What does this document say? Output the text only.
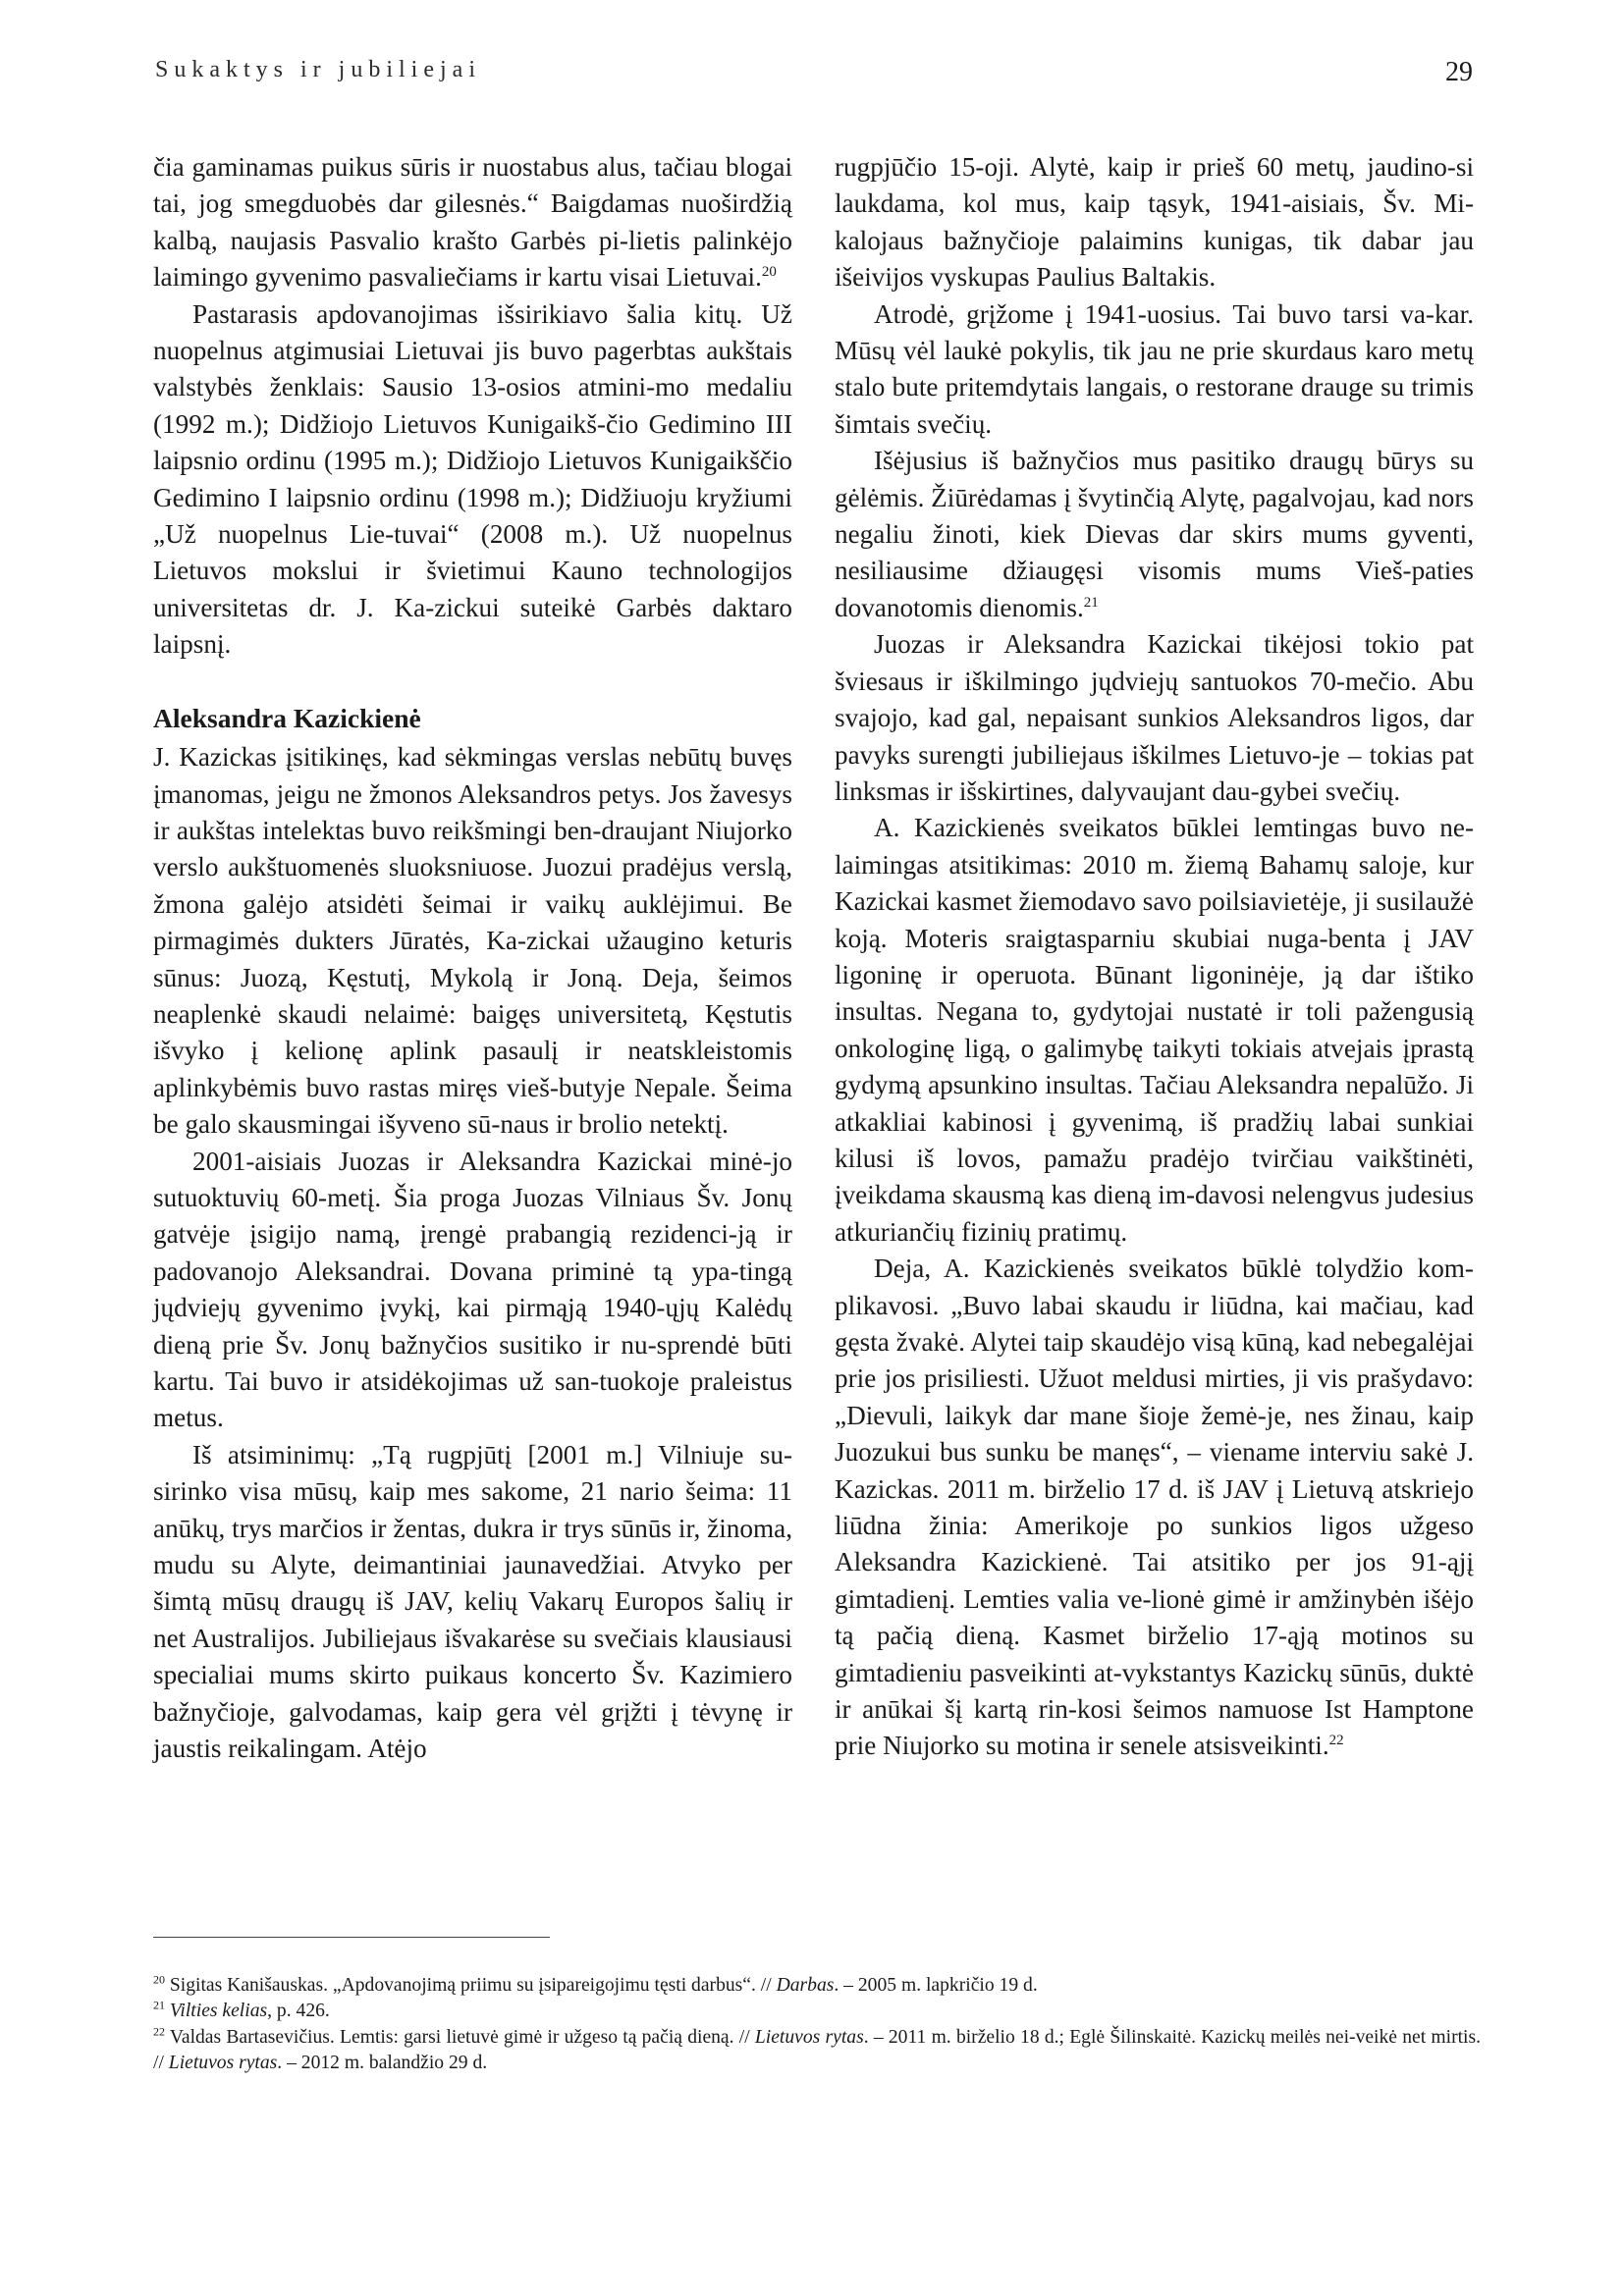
Sukaktys ir jubiliejai	29

čia gaminamas puikus sūris ir nuostabus alus, tačiau blogai tai, jog smegduobės dar gilesnės.“ Baigdamas nuoširdžią kalbą, naujasis Pasvalio krašto Garbės pi-lietis palinkėjo laimingo gyvenimo pasvaliečiams ir kartu visai Lietuvai.$^{20}$

Pastarasis apdovanojimas išsirikiavo šalia kitų. Už nuopelnus atgimusiai Lietuvai jis buvo pagerbtas aukštais valstybės ženklais: Sausio 13-osios atmini-mo medaliu (1992 m.); Didžiojo Lietuvos Kunigaikš-čio Gedimino III laipsnio ordinu (1995 m.); Didžiojo Lietuvos Kunigaikščio Gedimino I laipsnio ordinu (1998 m.); Didžiuoju kryžiumi „Už nuopelnus Lie-tuvai“ (2008 m.). Už nuopelnus Lietuvos mokslui ir švietimui Kauno technologijos universitetas dr. J. Ka-zickui suteikė Garbės daktaro laipsnį.

Aleksandra Kazickienė

J. Kazickas įsitikinęs, kad sėkmingas verslas nebūtų buvęs įmanomas, jeigu ne žmonos Aleksandros petys. Jos žavesys ir aukštas intelektas buvo reikšmingi ben-draujant Niujorko verslo aukštuomenės sluoksniuose. Juozui pradėjus verslą, žmona galėjo atsidėti šeimai ir vaikų auklėjimui. Be pirmagimės dukters Jūratės, Ka-zickai užaugino keturis sūnus: Juozą, Kęstutį, Mykolą ir Joną. Deja, šeimos neaplenkė skaudi nelaimė: baigęs universitetą, Kęstutis išvyko į kelionę aplink pasaulį ir neatskleistomis aplinkybėmis buvo rastas miręs vieš-butyje Nepale. Šeima be galo skausmingai išyveno sū-naus ir brolio netektį.

2001-aisiais Juozas ir Aleksandra Kazickai minė-jo sutuoktuvių 60-metį. Šia proga Juozas Vilniaus Šv. Jonų gatvėje įsigijo namą, įrengė prabangią rezidenci-ją ir padovanojo Aleksandrai. Dovana priminė tą ypa-tingą jųdviejų gyvenimo įvykį, kai pirmąją 1940-ųjų Kalėdų dieną prie Šv. Jonų bažnyčios susitiko ir nu-sprendė būti kartu. Tai buvo ir atsidėkojimas už san-tuokoje praleistus metus.

Iš atsiminimų: „Tą rugpjūtį [2001 m.] Vilniuje su-sirinko visa mūsų, kaip mes sakome, 21 nario šeima: 11 anūkų, trys marčios ir žentas, dukra ir trys sūnūs ir, žinoma, mudu su Alyte, deimantiniai jaunavedžiai. Atvyko per šimtą mūsų draugų iš JAV, kelių Vakarų Europos šalių ir net Australijos. Jubiliejaus išvakarėse su svečiais klausiausi specialiai mums skirto puikaus koncerto Šv. Kazimiero bažnyčioje, galvodamas, kaip gera vėl grįžti į tėvynę ir jaustis reikalingam. Atėjo

rugpjūčio 15-oji. Alytė, kaip ir prieš 60 metų, jaudino-si laukdama, kol mus, kaip tąsyk, 1941-aisiais, Šv. Mi-kalojaus bažnyčioje palaimins kunigas, tik dabar jau išeivijos vyskupas Paulius Baltakis.

Atrodė, grįžome į 1941-uosius. Tai buvo tarsi va-kar. Mūsų vėl laukė pokylis, tik jau ne prie skurdaus karo metų stalo bute pritemdytais langais, o restorane drauge su trimis šimtais svečių.

Išėjusius iš bažnyčios mus pasitiko draugų būrys su gėlėmis. Žiūrėdamas į švytinčią Alytę, pagalvojau, kad nors negaliu žinoti, kiek Dievas dar skirs mums gyventi, nesiliausime džiaugęsi visomis mums Vieš-paties dovanotomis dienomis.$^{21}$

Juozas ir Aleksandra Kazickai tikėjosi tokio pat šviesaus ir iškilmingo jųdviejų santuokos 70-mečio. Abu svajojo, kad gal, nepaisant sunkios Aleksandros ligos, dar pavyks surengti jubiliejaus iškilmes Lietuvo-je – tokias pat linksmas ir išskirtines, dalyvaujant dau-gybei svečių.

A. Kazickienės sveikatos būklei lemtingas buvo ne-laimingas atsitikimas: 2010 m. žiemą Bahamų saloje, kur Kazickai kasmet žiemodavo savo poilsiavietėje, ji susilaužė koją. Moteris sraigtasparniu skubiai nuga-benta į JAV ligoninę ir operuota. Būnant ligoninėje, ją dar ištiko insultas. Negana to, gydytojai nustatė ir toli pažengusią onkologinę ligą, o galimybę taikyti tokiais atvejais įprastą gydymą apsunkino insultas. Tačiau Aleksandra nepalūžo. Ji atkakliai kabinosi į gyvenimą, iš pradžių labai sunkiai kilusi iš lovos, pamažu pradėjo tvirčiau vaikštinėti, įveikdama skausmą kas dieną im-davosi nelengvus judesius atkuriančių fizinių pratimų.

Deja, A. Kazickienės sveikatos būklė tolydžio kom-plikavosi. „Buvo labai skaudu ir liūdna, kai mačiau, kad gęsta žvakė. Alytei taip skaudėjo visą kūną, kad nebegalėjai prie jos prisiliesti. Užuot meldusi mirties, ji vis prašydavo: „Dievuli, laikyk dar mane šioje žemė-je, nes žinau, kaip Juozukui bus sunku be manęs“, – viename interviu sakė J. Kazickas. 2011 m. birželio 17 d. iš JAV į Lietuvą atskriejo liūdna žinia: Amerikoje po sunkios ligos užgeso Aleksandra Kazickienė. Tai atsitiko per jos 91-ąjį gimtadienį. Lemties valia ve-lionė gimė ir amžinybėn išėjo tą pačią dieną. Kasmet birželio 17-ąją motinos su gimtadieniu pasveikinti at-vykstantys Kazickų sūnūs, duktė ir anūkai šį kartą rin-kosi šeimos namuose Ist Hamptone prie Niujorko su motina ir senele atsisveikinti.$^{22}$

$^{20}$ Sigitas Kanišauskas. „Apdovanojimą priimu su įsipareigojimu tęsti darbus“. // Darbas. – 2005 m. lapkričio 19 d.

$^{21}$ Vilties kelias, p. 426.

$^{22}$ Valdas Bartasevičius. Lemtis: garsi lietuvė gimė ir užgeso tą pačią dieną. // Lietuvos rytas. – 2011 m. birželio 18 d.; Eglė Šilinskaitė. Kazickų meilės nei-veikė net mirtis. // Lietuvos rytas. – 2012 m. balandžio 29 d.
